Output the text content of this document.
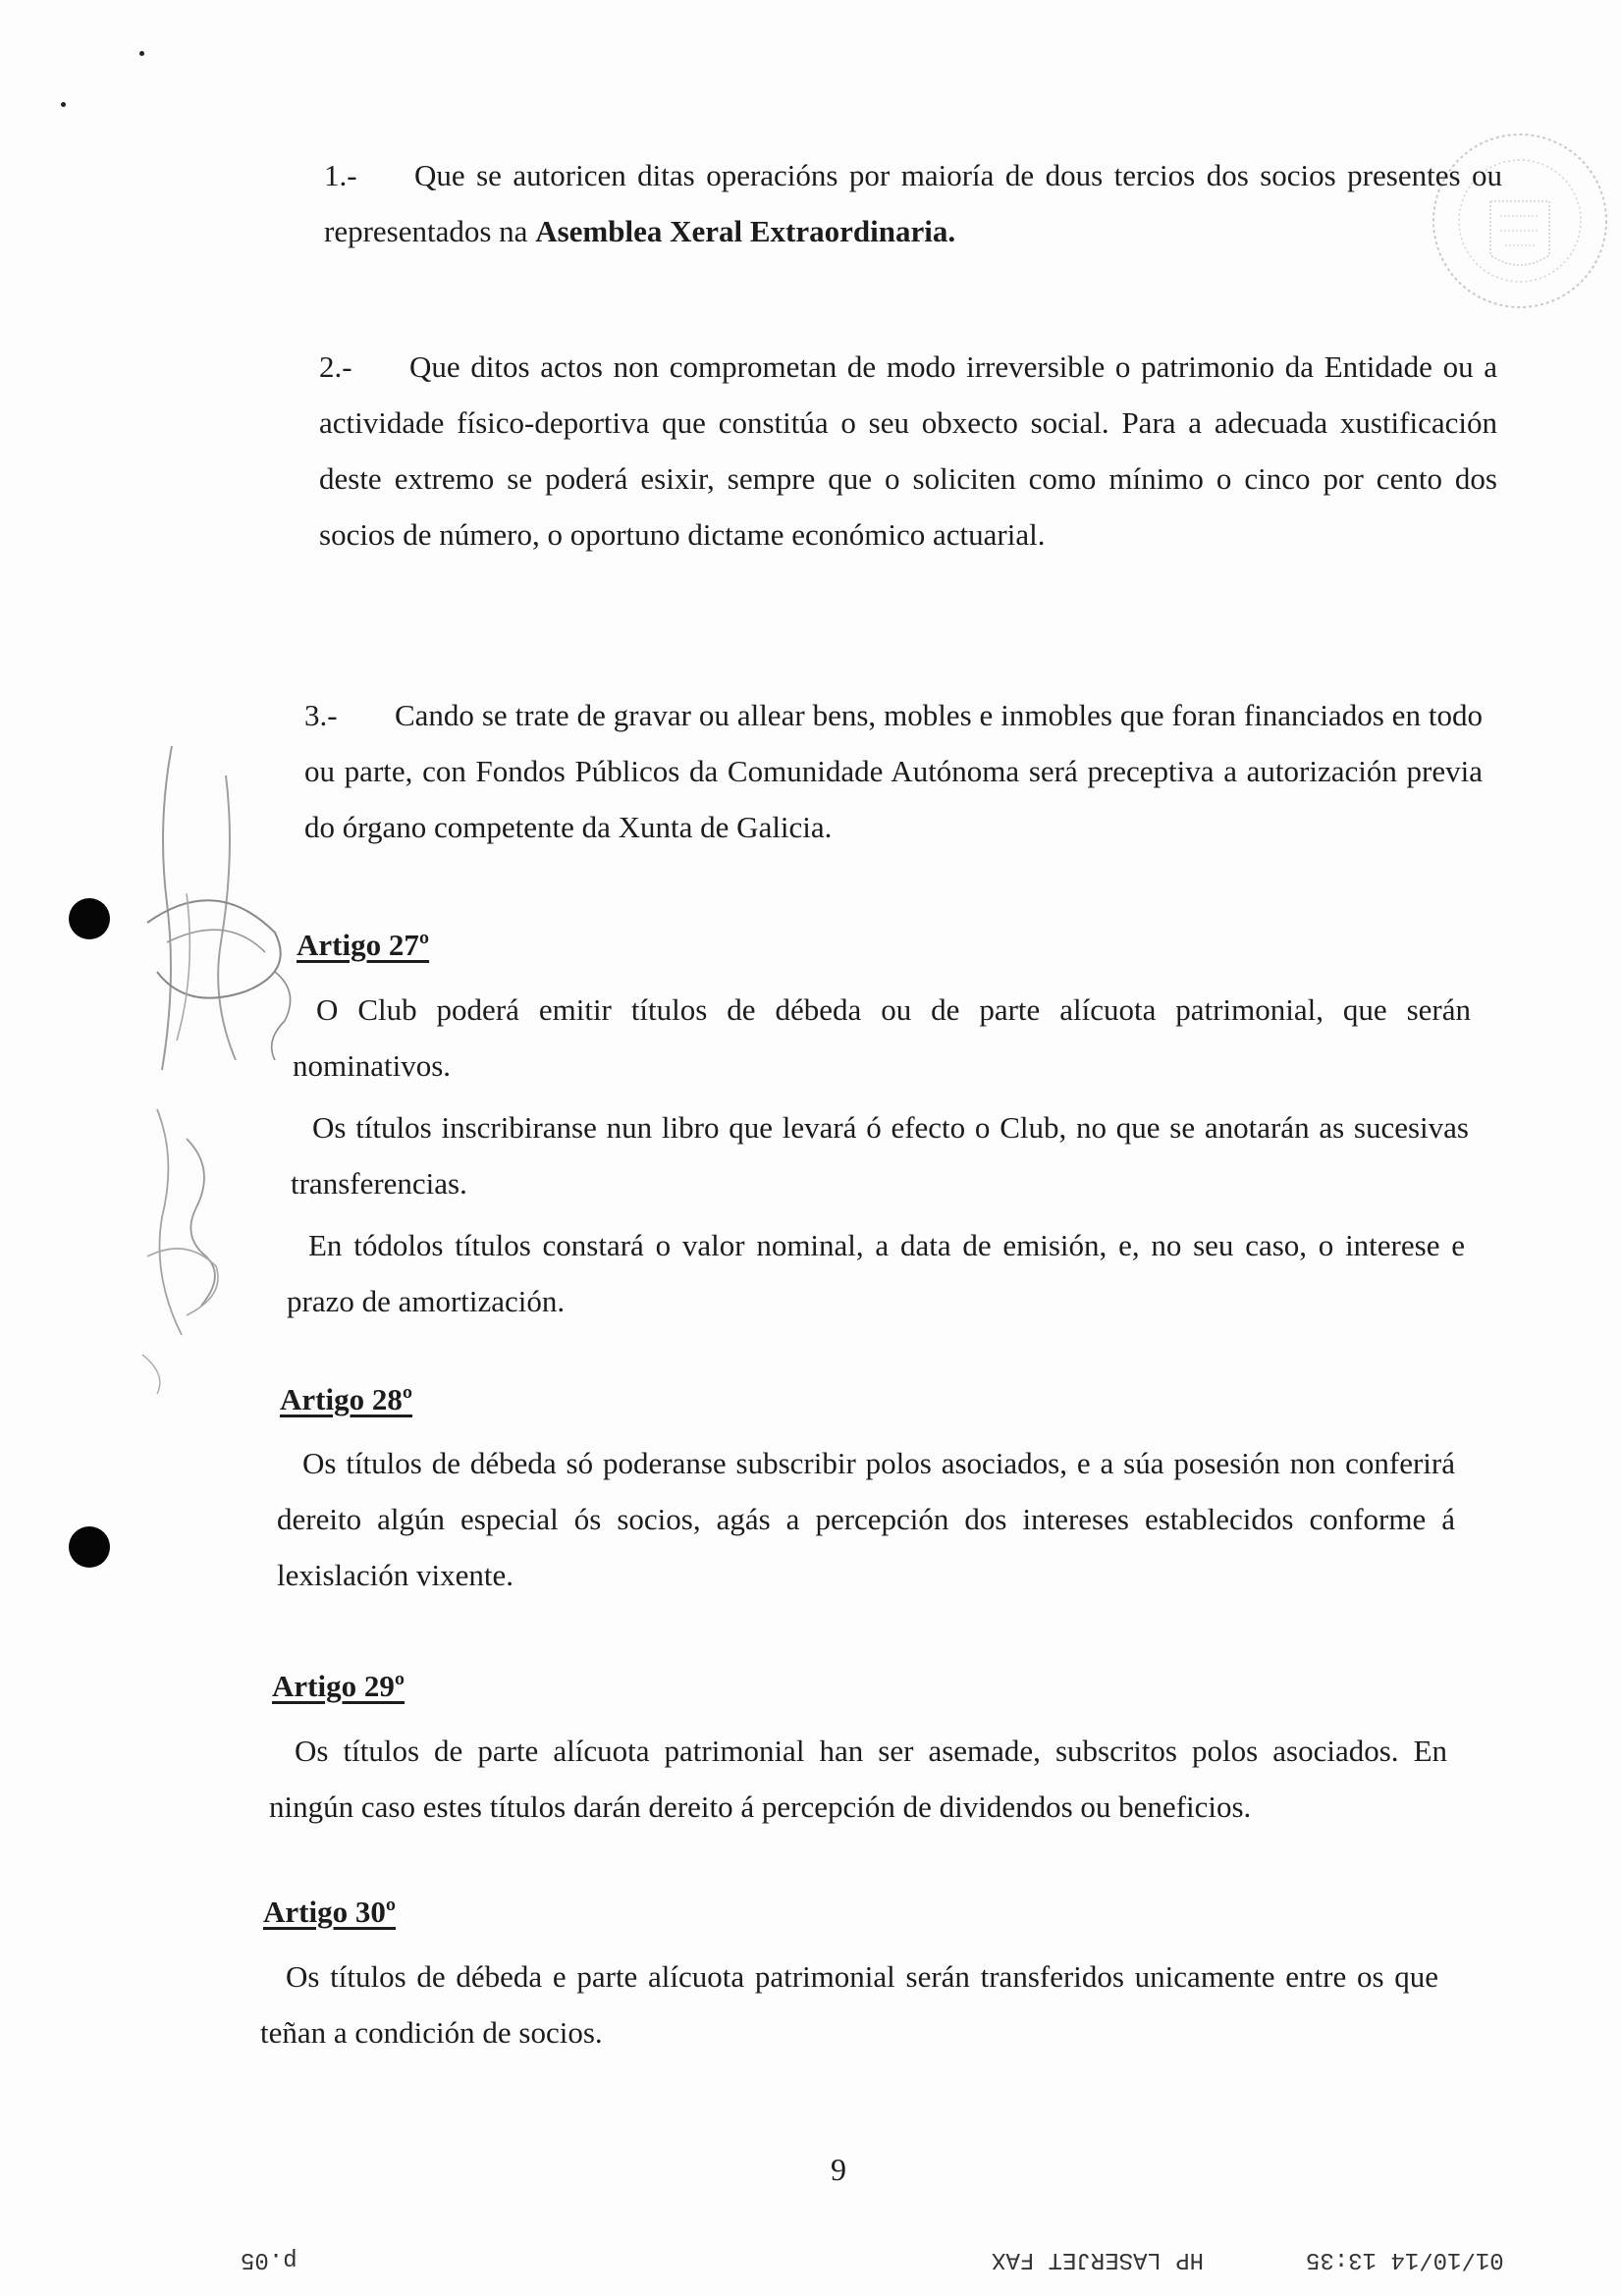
1.- Que se autoricen ditas operacións por maioría de dous tercios dos socios presentes ou representados na Asemblea Xeral Extraordinaria.

2.- Que ditos actos non comprometan de modo irreversible o patrimonio da Entidade ou a actividade físico-deportiva que constitúa o seu obxecto social. Para a adecuada xustificación deste extremo se poderá esixir, sempre que o soliciten como mínimo o cinco por cento dos socios de número, o oportuno dictame económico actuarial.

3.- Cando se trate de gravar ou allear bens, mobles e inmobles que foran financiados en todo ou parte, con Fondos Públicos da Comunidade Autónoma será preceptiva a autorización previa do órgano competente da Xunta de Galicia.

Artigo 27º

O Club poderá emitir títulos de débeda ou de parte alícuota patrimonial, que serán nominativos.

Os títulos inscribiranse nun libro que levará ó efecto o Club, no que se anotarán as sucesivas transferencias.

En tódolos títulos constará o valor nominal, a data de emisión, e, no seu caso, o interese e prazo de amortización.

Artigo 28º

Os títulos de débeda só poderanse subscribir polos asociados, e a súa posesión non conferirá dereito algún especial ós socios, agás a percepción dos intereses establecidos conforme á lexislación vixente.

Artigo 29º

Os títulos de parte alícuota patrimonial han ser asemade, subscritos polos asociados. En ningún caso estes títulos darán dereito á percepción de dividendos ou beneficios.

Artigo 30º

Os títulos de débeda e parte alícuota patrimonial serán transferidos unicamente entre os que teñan a condición de socios.

9
p.05	HP LASERJET FAX	01/10/14 13:35
